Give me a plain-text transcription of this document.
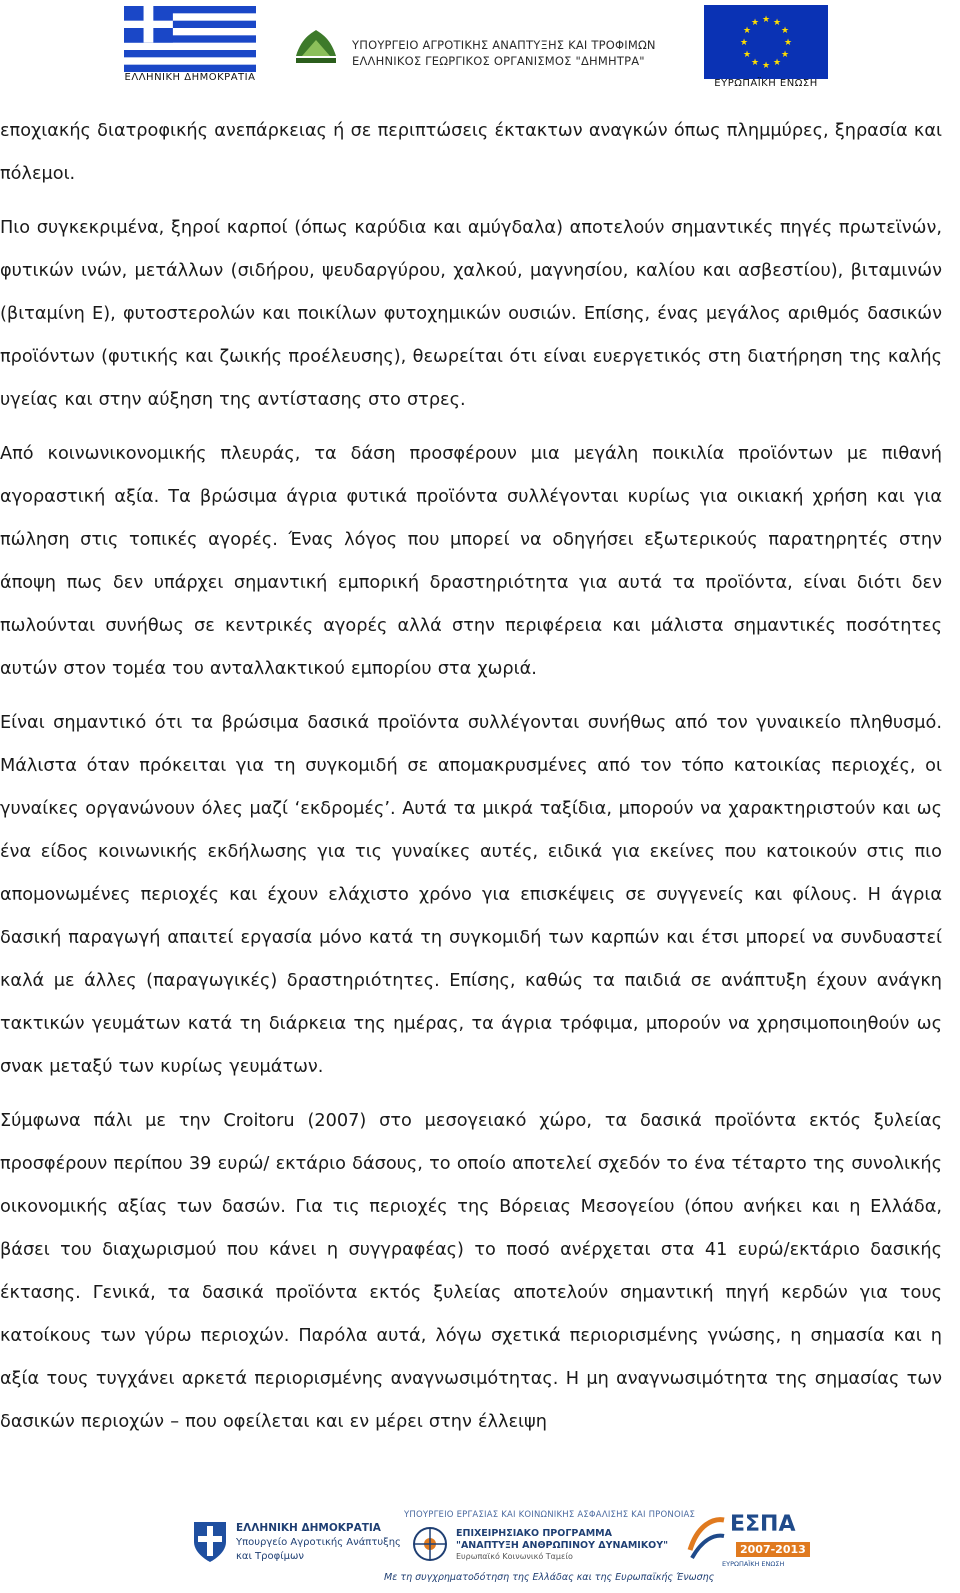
ΕΛΛΗΝΙΚΗ ΔΗΜΟΚΡΑΤΙΑ
ΥΠΟΥΡΓΕΙΟ ΑΓΡΟΤΙΚΗΣ ΑΝΑΠΤΥΞΗΣ ΚΑΙ ΤΡΟΦΙΜΩΝ
ΕΛΛΗΝΙΚΟΣ ΓΕΩΡΓΙΚΟΣ ΟΡΓΑΝΙΣΜΟΣ "ΔΗΜΗΤΡΑ"
★ ★
★
★
★
★
★
★
★
★
★
★
ΕΥΡΩΠΑΪΚΗ ΕΝΩΣΗ

εποχιακής διατροφικής ανεπάρκειας ή σε περιπτώσεις έκτακτων αναγκών όπως πλημμύρες, ξηρασία και πόλεμοι.

Πιο συγκεκριμένα, ξηροί καρποί (όπως καρύδια και αμύγδαλα) αποτελούν σημαντικές πηγές πρωτεϊνών, φυτικών ινών, μετάλλων (σιδήρου, ψευδαργύρου, χαλκού, μαγνησίου, καλίου και ασβεστίου), βιταμινών (βιταμίνη Ε), φυτοστερολών και ποικίλων φυτοχημικών ουσιών. Επίσης, ένας μεγάλος αριθμός δασικών προϊόντων (φυτικής και ζωικής προέλευσης), θεωρείται ότι είναι ευεργετικός στη διατήρηση της καλής υγείας και στην αύξηση της αντίστασης στο στρες.

Από κοινωνικονομικής πλευράς, τα δάση προσφέρουν μια μεγάλη ποικιλία προϊόντων με πιθανή αγοραστική αξία. Τα βρώσιμα άγρια φυτικά προϊόντα συλλέγονται κυρίως για οικιακή χρήση και για πώληση στις τοπικές αγορές. Ένας λόγος που μπορεί να οδηγήσει εξωτερικούς παρατηρητές στην άποψη πως δεν υπάρχει σημαντική εμπορική δραστηριότητα για αυτά τα προϊόντα, είναι διότι δεν πωλούνται συνήθως σε κεντρικές αγορές αλλά στην περιφέρεια και μάλιστα σημαντικές ποσότητες αυτών στον τομέα του ανταλλακτικού εμπορίου στα χωριά.

Είναι σημαντικό ότι τα βρώσιμα δασικά προϊόντα συλλέγονται συνήθως από τον γυναικείο πληθυσμό. Μάλιστα όταν πρόκειται για τη συγκομιδή σε απομακρυσμένες από τον τόπο κατοικίας περιοχές, οι γυναίκες οργανώνουν όλες μαζί ‘εκδρομές’. Αυτά τα μικρά ταξίδια, μπορούν να χαρακτηριστούν και ως ένα είδος κοινωνικής εκδήλωσης για τις γυναίκες αυτές, ειδικά για εκείνες που κατοικούν στις πιο απομονωμένες περιοχές και έχουν ελάχιστο χρόνο για επισκέψεις σε συγγενείς και φίλους. Η άγρια δασική παραγωγή απαιτεί εργασία μόνο κατά τη συγκομιδή των καρπών και έτσι μπορεί να συνδυαστεί καλά με άλλες (παραγωγικές) δραστηριότητες. Επίσης, καθώς τα παιδιά σε ανάπτυξη έχουν ανάγκη τακτικών γευμάτων κατά τη διάρκεια της ημέρας, τα άγρια τρόφιμα, μπορούν να χρησιμοποιηθούν ως σνακ μεταξύ των κυρίως γευμάτων.

Σύμφωνα πάλι με την Croitoru (2007) στο μεσογειακό χώρο, τα δασικά προϊόντα εκτός ξυλείας προσφέρουν περίπου 39 ευρώ/ εκτάριο δάσους, το οποίο αποτελεί σχεδόν το ένα τέταρτο της συνολικής οικονομικής αξίας των δασών. Για τις περιοχές της Βόρειας Μεσογείου (όπου ανήκει και η Ελλάδα, βάσει του διαχωρισμού που κάνει η συγγραφέας) το ποσό ανέρχεται στα 41 ευρώ/εκτάριο δασικής έκτασης. Γενικά, τα δασικά προϊόντα εκτός ξυλείας αποτελούν σημαντική πηγή κερδών για τους κατοίκους των γύρω περιοχών. Παρόλα αυτά, λόγω σχετικά περιορισμένης γνώσης, η σημασία και η αξία τους τυγχάνει αρκετά περιορισμένης αναγνωσιμότητας. Η μη αναγνωσιμότητα της σημασίας των δασικών περιοχών – που οφείλεται και εν μέρει στην έλλειψη

ΕΛΛΗΝΙΚΗ ΔΗΜΟΚΡΑΤΙΑ
Υπουργείο Αγροτικής Ανάπτυξης
και Τροφίμων
ΥΠΟΥΡΓΕΙΟ ΕΡΓΑΣΙΑΣ ΚΑΙ ΚΟΙΝΩΝΙΚΗΣ ΑΣΦΑΛΙΣΗΣ ΚΑΙ ΠΡΟΝΟΙΑΣ
ΕΠΙΧΕΙΡΗΣΙΑΚΟ ΠΡΟΓΡΑΜΜΑ
"ΑΝΑΠΤΥΞΗ ΑΝΘΡΩΠΙΝΟΥ ΔΥΝΑΜΙΚΟΥ"
Ευρωπαϊκό Κοινωνικό Ταμείο
Με τη συγχρηματοδότηση της Ελλάδας και της Ευρωπαϊκής Ένωσης
ΕΣΠΑ
2007-2013
ΕΥΡΩΠΑΪΚΗ ΕΝΩΣΗ
